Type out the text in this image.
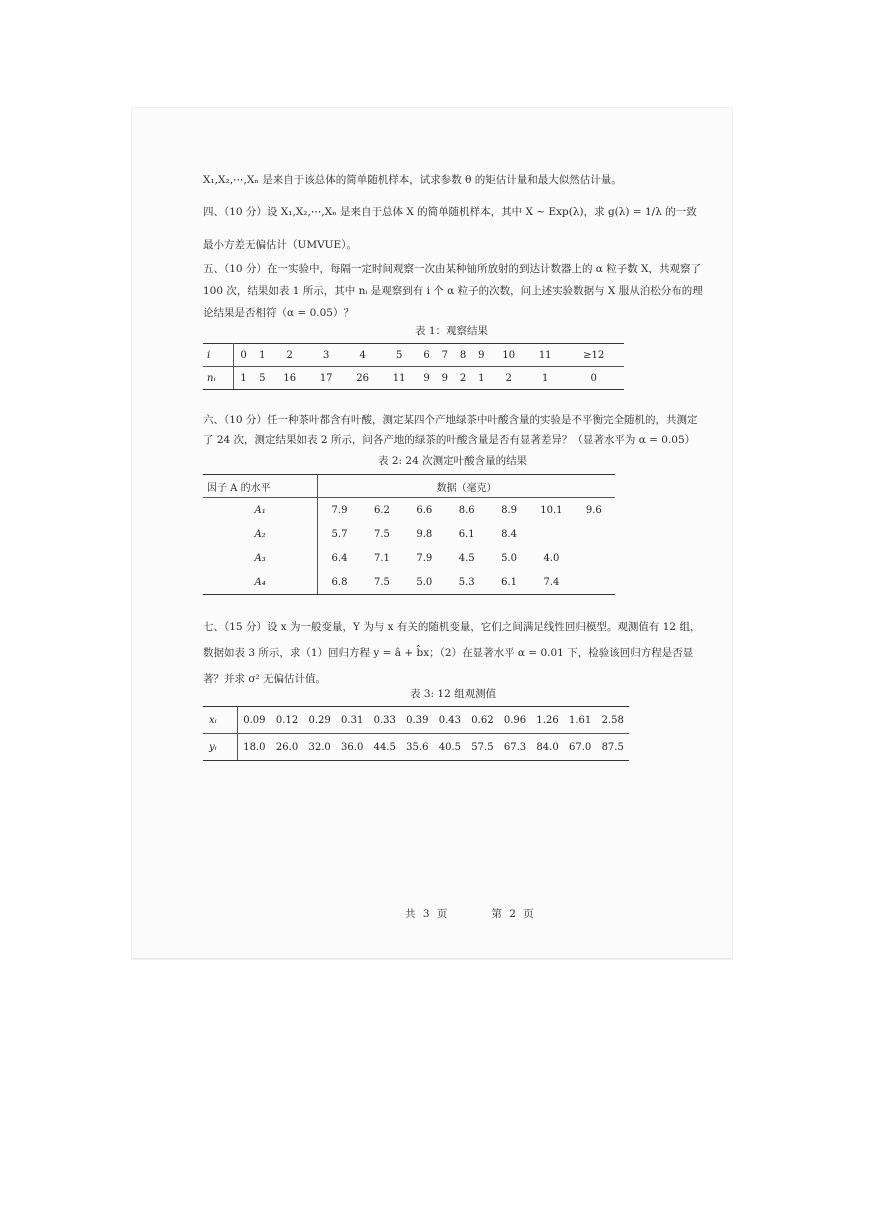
X₁,X₂,⋯,Xₙ 是来自于该总体的简单随机样本，试求参数 θ 的矩估计量和最大似然估计量。

四、（10 分）设 X₁,X₂,⋯,Xₙ 是来自于总体 X 的简单随机样本，其中 X ~ Exp(λ)，求 g(λ) = 1/λ 的一致

最小方差无偏估计（UMVUE）。

五、（10 分）在一实验中，每隔一定时间观察一次由某种铀所放射的到达计数器上的 α 粒子数 X，共观察了 100 次，结果如表 1 所示，其中 nᵢ 是观察到有 i 个 α 粒子的次数，问上述实验数据与 X 服从泊松分布的理论结果是否相符（α = 0.05）？

表 1：观察结果
i	0	1	2	3	4	5	6	7	8	9	10	11	≥12
nᵢ	1	5	16	17	26	11	9	9	2	1	2	1	0

六、（10 分）任一种茶叶都含有叶酸，测定某四个产地绿茶中叶酸含量的实验是不平衡完全随机的，共测定了 24 次，测定结果如表 2 所示，问各产地的绿茶的叶酸含量是否有显著差异？（显著水平为 α = 0.05）

表 2: 24 次测定叶酸含量的结果
因子 A 的水平	数据（毫克）						
A₁	7.9	6.2	6.6	8.6	8.9	10.1	9.6
A₂	5.7	7.5	9.8	6.1	8.4		
A₃	6.4	7.1	7.9	4.5	5.0	4.0	
A₄	6.8	7.5	5.0	5.3	6.1	7.4	

七、（15 分）设 x 为一般变量，Y 为与 x 有关的随机变量，它们之间满足线性回归模型。观测值有 12 组，数据如表 3 所示，求（1）回归方程 y = â + b̂x；（2）在显著水平 α = 0.01 下，检验该回归方程是否显著？并求 σ² 无偏估计值。

表 3: 12 组观测值
xᵢ	0.09	0.12	0.29	0.31	0.33	0.39	0.43	0.62	0.96	1.26	1.61	2.58
yᵢ	18.0	26.0	32.0	36.0	44.5	35.6	40.5	57.5	67.3	84.0	67.0	87.5
共 3 页	第 2 页
